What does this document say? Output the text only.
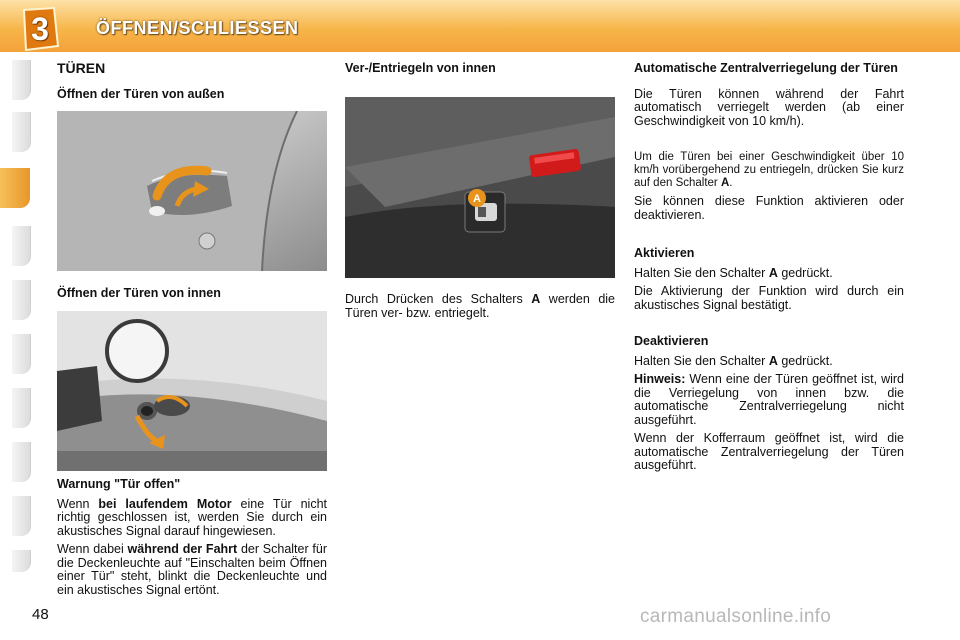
3	ÖFFNEN/SCHLIESSEN
TÜREN
Öffnen der Türen von außen
Öffnen der Türen von innen
Warnung "Tür offen"

Wenn bei laufendem Motor eine Tür nicht richtig geschlossen ist, werden Sie durch ein akustisches Signal darauf hingewiesen.

Wenn dabei während der Fahrt der Schalter für die Deckenleuchte auf "Einschalten beim Öffnen einer Tür" steht, blinkt die Deckenleuchte und ein akustisches Signal ertönt.

Ver-/Entriegeln von innen
A

Durch Drücken des Schalters A werden die Türen ver- bzw. entriegelt.

Automatische Zentralverriegelung der Türen

Die Türen können während der Fahrt automatisch verriegelt werden (ab einer Geschwindigkeit von 10 km/h).

Um die Türen bei einer Geschwindigkeit über 10 km/h vorübergehend zu entriegeln, drücken Sie kurz auf den Schalter A.

Sie können diese Funktion aktivieren oder deaktivieren.

Aktivieren

Halten Sie den Schalter A gedrückt.

Die Aktivierung der Funktion wird durch ein akustisches Signal bestätigt.

Deaktivieren

Halten Sie den Schalter A gedrückt.

Hinweis: Wenn eine der Türen geöffnet ist, wird die Verriegelung von innen bzw. die automatische Zentralverriegelung nicht ausgeführt.

Wenn der Kofferraum geöffnet ist, wird die automatische Zentralverriegelung der Türen ausgeführt.

48	carmanualsonline.info
